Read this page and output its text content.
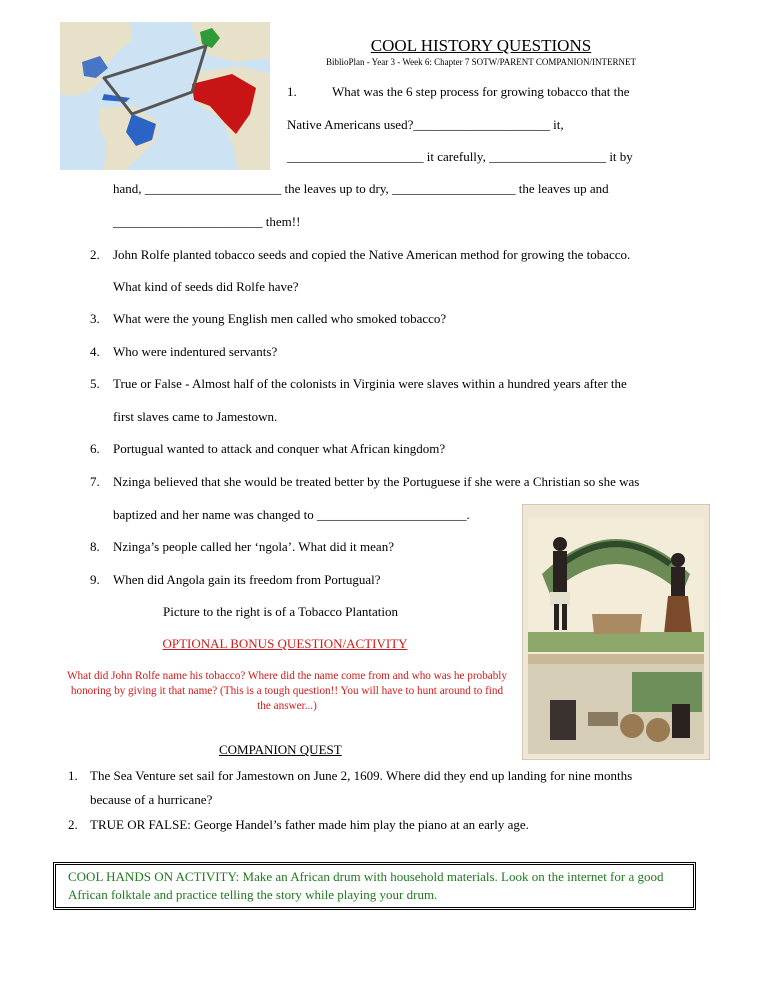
COOL HISTORY QUESTIONS
BiblioPlan - Year 3 - Week 6: Chapter 7 SOTW/PARENT COMPANION/INTERNET
1.	What was the 6 step process for growing tobacco that the
Native Americans used?_____________________ it,
_____________________ it carefully, __________________ it by
hand, _____________________ the leaves up to dry, ___________________ the leaves up and
_______________________ them!!
2. John Rolfe planted tobacco seeds and copied the Native American method for growing the tobacco.
What kind of seeds did Rolfe have?
3. What were the young English men called who smoked tobacco?
4. Who were indentured servants?
5. True or False - Almost half of the colonists in Virginia were slaves within a hundred years after the
first slaves came to Jamestown.
6. Portugual wanted to attack and conquer what African kingdom?
7. Nzinga believed that she would be treated better by the Portuguese if she were a Christian so she was
baptized and her name was changed to _______________________.
8. Nzinga’s people called her ‘ngola’. What did it mean?
9. When did Angola gain its freedom from Portugual?
Picture to the right is of a Tobacco Plantation
OPTIONAL BONUS QUESTION/ACTIVITY
What did John Rolfe name his tobacco? Where did the name come from and who was he probably honoring by giving it that name? (This is a tough question!! You will have to hunt around to find the answer...)
COMPANION QUEST
1. The Sea Venture set sail for Jamestown on June 2, 1609. Where did they end up landing for nine months
because of a hurricane?
2. TRUE OR FALSE: George Handel’s father made him play the piano at an early age.
COOL HANDS ON ACTIVITY: Make an African drum with household materials. Look on the internet for a good African folktale and practice telling the story while playing your drum.
